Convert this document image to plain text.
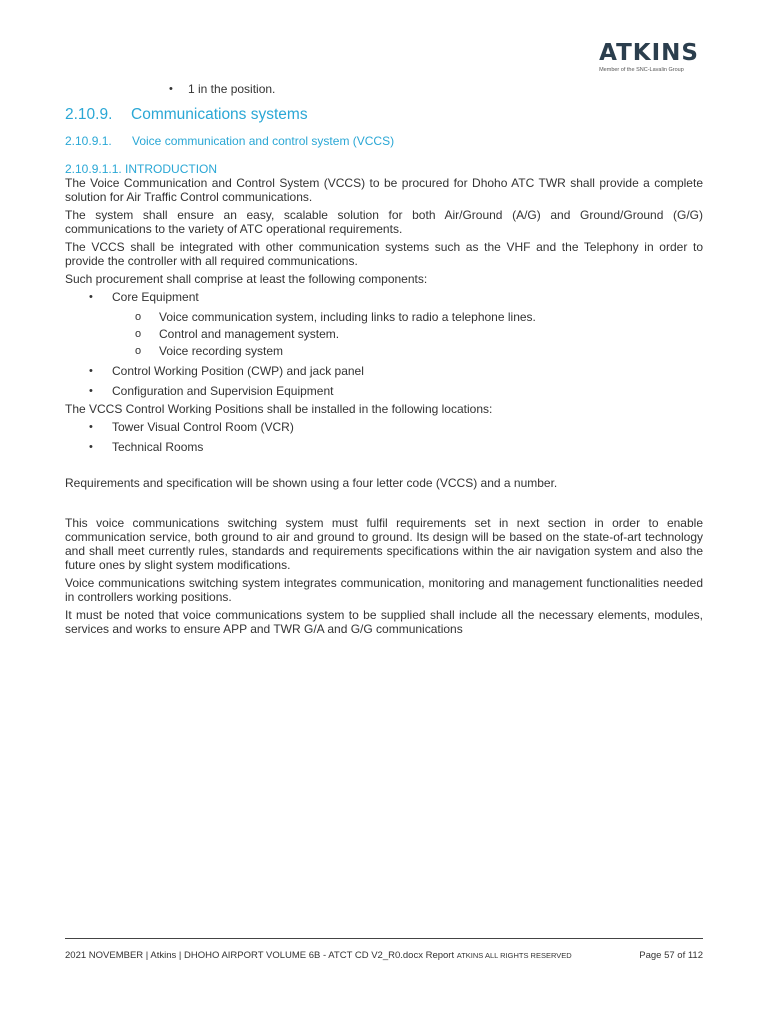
ATKINS
Member of the SNC-Lavalin Group
• 1 in the position.
2.10.9. Communications systems
2.10.9.1. Voice communication and control system (VCCS)
2.10.9.1.1. INTRODUCTION

The Voice Communication and Control System (VCCS) to be procured for Dhoho ATC TWR shall provide a complete solution for Air Traffic Control communications.

The system shall ensure an easy, scalable solution for both Air/Ground (A/G) and Ground/Ground (G/G) communications to the variety of ATC operational requirements.

The VCCS shall be integrated with other communication systems such as the VHF and the Telephony in order to provide the controller with all required communications.

Such procurement shall comprise at least the following components:

• Core Equipment
o Voice communication system, including links to radio a telephone lines.
o Control and management system.
o Voice recording system
• Control Working Position (CWP) and jack panel
• Configuration and Supervision Equipment

The VCCS Control Working Positions shall be installed in the following locations:

• Tower Visual Control Room (VCR)
• Technical Rooms

Requirements and specification will be shown using a four letter code (VCCS) and a number.

This voice communications switching system must fulfil requirements set in next section in order to enable communication service, both ground to air and ground to ground. Its design will be based on the state-of-art technology and shall meet currently rules, standards and requirements specifications within the air navigation system and also the future ones by slight system modifications.

Voice communications switching system integrates communication, monitoring and management functionalities needed in controllers working positions.

It must be noted that voice communications system to be supplied shall include all the necessary elements, modules, services and works to ensure APP and TWR G/A and G/G communications

2021 NOVEMBER | Atkins | DHOHO AIRPORT VOLUME 6B - ATCT CD V2_R0.docx Report ATKINS ALL RIGHTS RESERVED	Page 57 of 112
